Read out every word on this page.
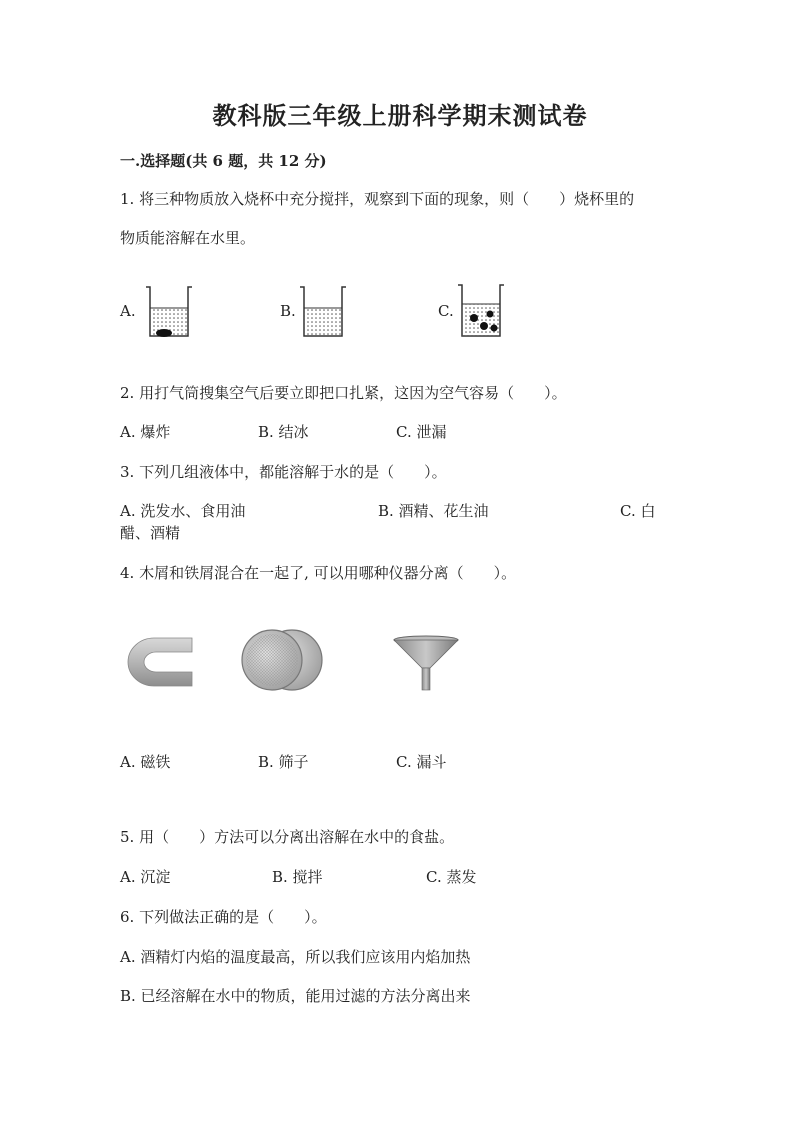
教科版三年级上册科学期末测试卷
一.选择题(共 6 题，共 12 分)
1. 将三种物质放入烧杯中充分搅拌，观察到下面的现象，则（　　）烧杯里的
物质能溶解在水里。
A.	B.	C.
2. 用打气筒搜集空气后要立即把口扎紧，这因为空气容易（　　）。
A. 爆炸	B. 结冰	C. 泄漏
3. 下列几组液体中，都能溶解于水的是（　　）。
A. 洗发水、食用油	B. 酒精、花生油	C. 白
醋、酒精
4. 木屑和铁屑混合在一起了, 可以用哪种仪器分离（　　）。
A. 磁铁	B. 筛子	C. 漏斗
5. 用（　　）方法可以分离出溶解在水中的食盐。
A. 沉淀	B. 搅拌	C. 蒸发
6. 下列做法正确的是（　　）。
A. 酒精灯内焰的温度最高，所以我们应该用内焰加热
B. 已经溶解在水中的物质，能用过滤的方法分离出来
